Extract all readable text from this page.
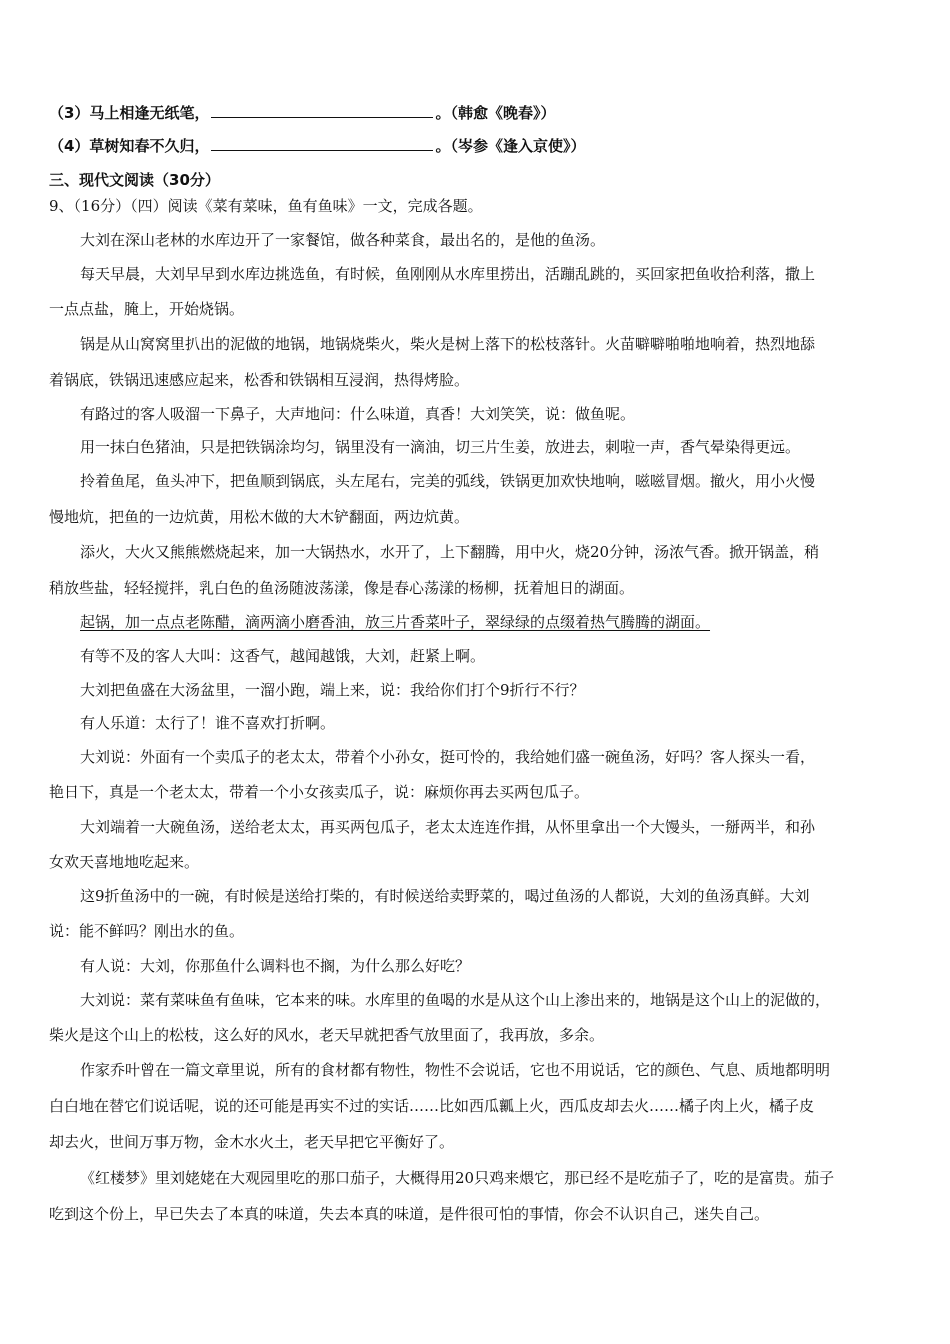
（3）马上相逢无纸笔，	。（韩愈《晚春》）
（4）草树知春不久归，	。（岑参《逢入京使》）
三、现代文阅读（30分）
9、（16分）（四）阅读《菜有菜味，鱼有鱼味》一文，完成各题。
大刘在深山老林的水库边开了一家餐馆，做各种菜食，最出名的，是他的鱼汤。
每天早晨，大刘早早到水库边挑选鱼，有时候，鱼刚刚从水库里捞出，活蹦乱跳的，买回家把鱼收拾利落，撒上
一点点盐，腌上，开始烧锅。
锅是从山窝窝里扒出的泥做的地锅，地锅烧柴火，柴火是树上落下的松枝落针。火苗噼噼啪啪地响着，热烈地舔
着锅底，铁锅迅速感应起来，松香和铁锅相互浸润，热得烤脸。
有路过的客人吸溜一下鼻子，大声地问：什么味道，真香！大刘笑笑，说：做鱼呢。
用一抹白色猪油，只是把铁锅涂均匀，锅里没有一滴油，切三片生姜，放进去，刺啦一声，香气晕染得更远。
拎着鱼尾，鱼头冲下，把鱼顺到锅底，头左尾右，完美的弧线，铁锅更加欢快地响，嗞嗞冒烟。撤火，用小火慢
慢地炕，把鱼的一边炕黄，用松木做的大木铲翻面，两边炕黄。
添火，大火又熊熊燃烧起来，加一大锅热水，水开了，上下翻腾，用中火，烧20分钟，汤浓气香。掀开锅盖，稍
稍放些盐，轻轻搅拌，乳白色的鱼汤随波荡漾，像是春心荡漾的杨柳，抚着旭日的湖面。
起锅，加一点点老陈醋，滴两滴小磨香油，放三片香菜叶子，翠绿绿的点缀着热气腾腾的湖面。
有等不及的客人大叫：这香气，越闻越饿，大刘，赶紧上啊。
大刘把鱼盛在大汤盆里，一溜小跑，端上来，说：我给你们打个9折行不行？
有人乐道：太行了！谁不喜欢打折啊。
大刘说：外面有一个卖瓜子的老太太，带着个小孙女，挺可怜的，我给她们盛一碗鱼汤，好吗？客人探头一看，
艳日下，真是一个老太太，带着一个小女孩卖瓜子，说：麻烦你再去买两包瓜子。
大刘端着一大碗鱼汤，送给老太太，再买两包瓜子，老太太连连作揖，从怀里拿出一个大馒头，一掰两半，和孙
女欢天喜地地吃起来。
这9折鱼汤中的一碗，有时候是送给打柴的，有时候送给卖野菜的，喝过鱼汤的人都说，大刘的鱼汤真鲜。大刘
说：能不鲜吗？刚出水的鱼。
有人说：大刘，你那鱼什么调料也不搁，为什么那么好吃？
大刘说：菜有菜味鱼有鱼味，它本来的味。水库里的鱼喝的水是从这个山上渗出来的，地锅是这个山上的泥做的，
柴火是这个山上的松枝，这么好的风水，老天早就把香气放里面了，我再放，多余。
作家乔叶曾在一篇文章里说，所有的食材都有物性，物性不会说话，它也不用说话，它的颜色、气息、质地都明明
白白地在替它们说话呢，说的还可能是再实不过的实话……比如西瓜瓤上火，西瓜皮却去火……橘子肉上火，橘子皮
却去火，世间万事万物，金木水火土，老天早把它平衡好了。
《红楼梦》里刘姥姥在大观园里吃的那口茄子，大概得用20只鸡来煨它，那已经不是吃茄子了，吃的是富贵。茄子
吃到这个份上，早已失去了本真的味道，失去本真的味道，是件很可怕的事情，你会不认识自己，迷失自己。
